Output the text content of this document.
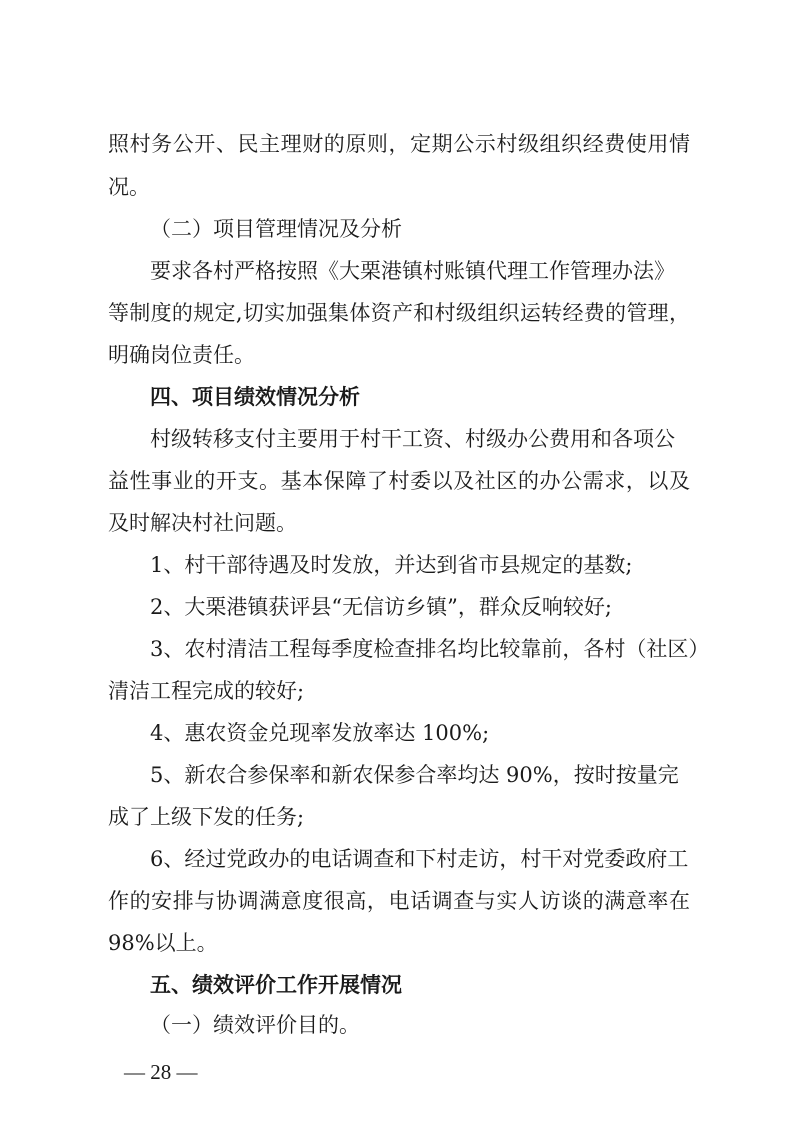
照村务公开、民主理财的原则，定期公示村级组织经费使用情
况。
（二）项目管理情况及分析
要求各村严格按照《大栗港镇村账镇代理工作管理办法》
等制度的规定,切实加强集体资产和村级组织运转经费的管理，
明确岗位责任。
四、项目绩效情况分析
村级转移支付主要用于村干工资、村级办公费用和各项公
益性事业的开支。基本保障了村委以及社区的办公需求，以及
及时解决村社问题。
1、村干部待遇及时发放，并达到省市县规定的基数;
2、大栗港镇获评县“无信访乡镇”，群众反响较好;
3、农村清洁工程每季度检查排名均比较靠前，各村（社区）
清洁工程完成的较好;
4、惠农资金兑现率发放率达 100%;
5、新农合参保率和新农保参合率均达 90%，按时按量完
成了上级下发的任务;
6、经过党政办的电话调查和下村走访，村干对党委政府工
作的安排与协调满意度很高，电话调查与实人访谈的满意率在
98%以上。
五、绩效评价工作开展情况
（一）绩效评价目的。
— 28 —
